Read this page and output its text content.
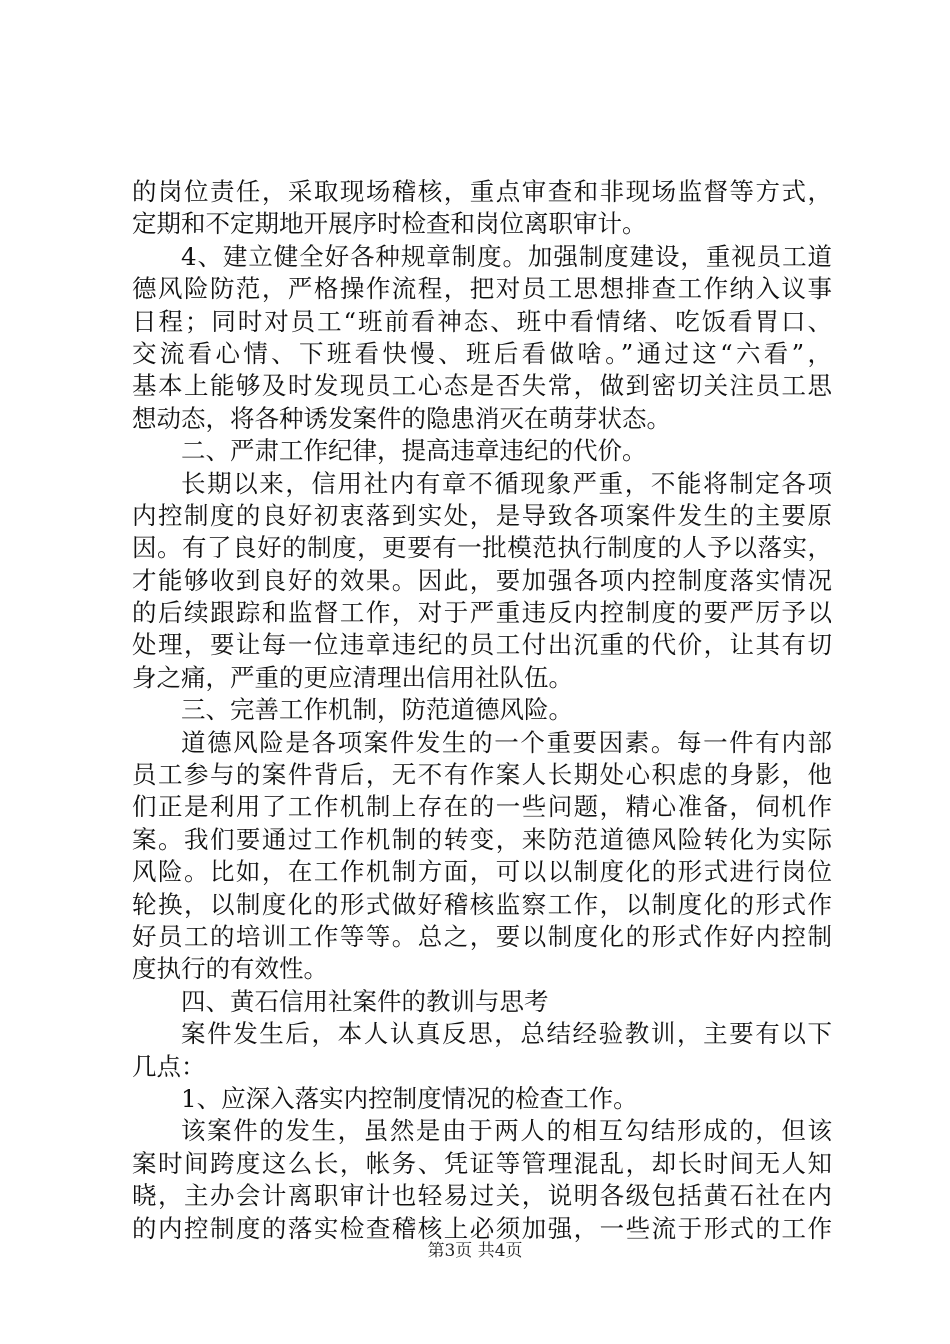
的岗位责任，采取现场稽核，重点审查和非现场监督等方式，
定期和不定期地开展序时检查和岗位离职审计。
4、建立健全好各种规章制度。加强制度建设，重视员工道
德风险防范，严格操作流程，把对员工思想排查工作纳入议事
日程；同时对员工“班前看神态、班中看情绪、吃饭看胃口、
交流看心情、下班看快慢、班后看做啥。”通过这“六看”，
基本上能够及时发现员工心态是否失常，做到密切关注员工思
想动态，将各种诱发案件的隐患消灭在萌芽状态。
二、严肃工作纪律，提高违章违纪的代价。
长期以来，信用社内有章不循现象严重，不能将制定各项
内控制度的良好初衷落到实处，是导致各项案件发生的主要原
因。有了良好的制度，更要有一批模范执行制度的人予以落实，
才能够收到良好的效果。因此，要加强各项内控制度落实情况
的后续跟踪和监督工作，对于严重违反内控制度的要严厉予以
处理，要让每一位违章违纪的员工付出沉重的代价，让其有切
身之痛，严重的更应清理出信用社队伍。
三、完善工作机制，防范道德风险。
道德风险是各项案件发生的一个重要因素。每一件有内部
员工参与的案件背后，无不有作案人长期处心积虑的身影，他
们正是利用了工作机制上存在的一些问题，精心准备，伺机作
案。我们要通过工作机制的转变，来防范道德风险转化为实际
风险。比如，在工作机制方面，可以以制度化的形式进行岗位
轮换，以制度化的形式做好稽核监察工作，以制度化的形式作
好员工的培训工作等等。总之，要以制度化的形式作好内控制
度执行的有效性。
四、黄石信用社案件的教训与思考
案件发生后，本人认真反思，总结经验教训，主要有以下
几点：
1、应深入落实内控制度情况的检查工作。
该案件的发生，虽然是由于两人的相互勾结形成的，但该
案时间跨度这么长，帐务、凭证等管理混乱，却长时间无人知
晓，主办会计离职审计也轻易过关，说明各级包括黄石社在内
的内控制度的落实检查稽核上必须加强，一些流于形式的工作
第3页 共4页
